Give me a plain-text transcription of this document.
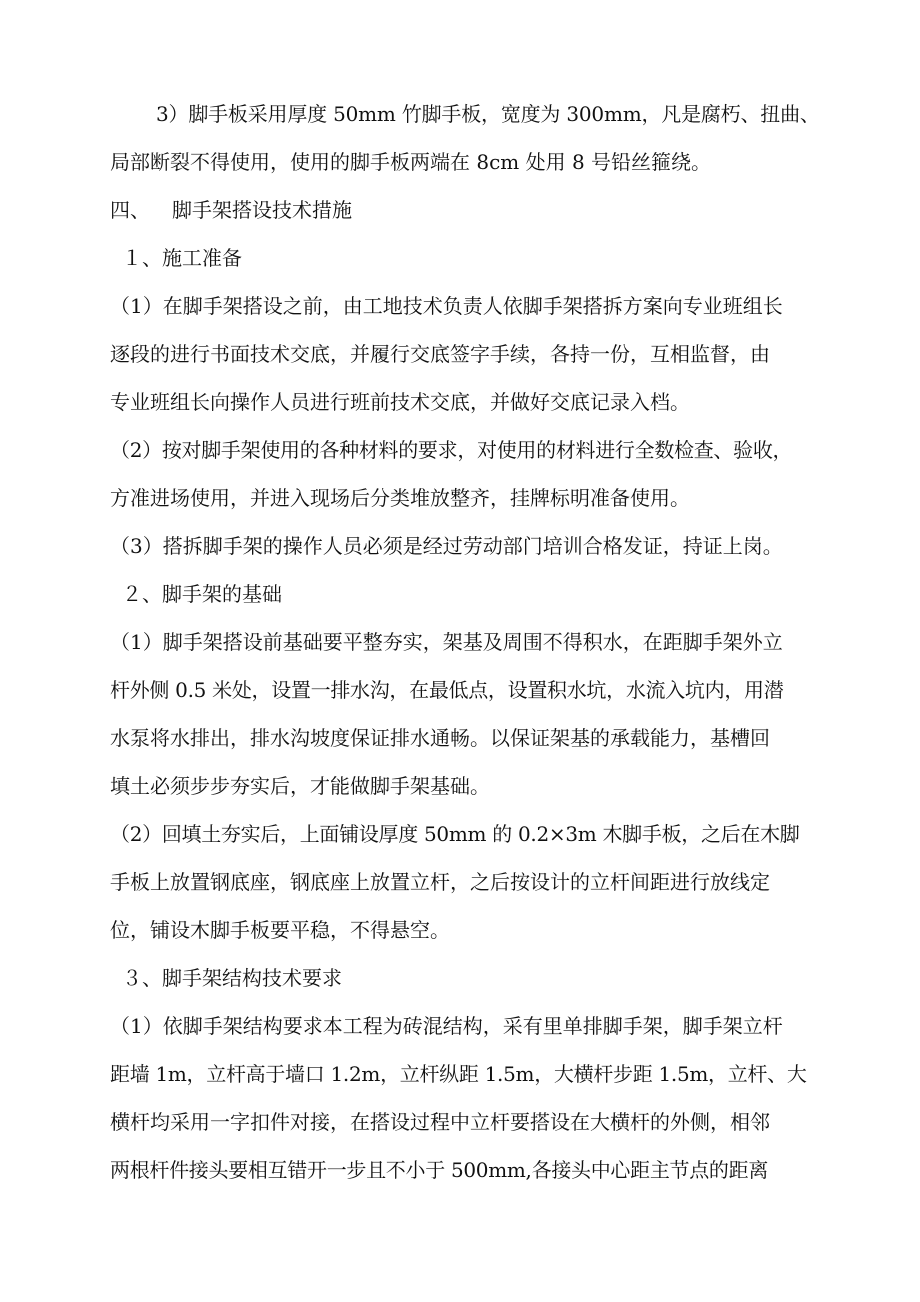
3）脚手板采用厚度 50mm 竹脚手板，宽度为 300mm，凡是腐朽、扭曲、
局部断裂不得使用，使用的脚手板两端在 8cm 处用 8 号铅丝箍绕。
四、 脚手架搭设技术措施
１、施工准备
（1）在脚手架搭设之前，由工地技术负责人依脚手架搭拆方案向专业班组长
逐段的进行书面技术交底，并履行交底签字手续，各持一份，互相监督，由
专业班组长向操作人员进行班前技术交底，并做好交底记录入档。
（2）按对脚手架使用的各种材料的要求，对使用的材料进行全数检查、验收，
方准进场使用，并进入现场后分类堆放整齐，挂牌标明准备使用。
（3）搭拆脚手架的操作人员必须是经过劳动部门培训合格发证，持证上岗。
２、脚手架的基础
（1）脚手架搭设前基础要平整夯实，架基及周围不得积水，在距脚手架外立
杆外侧 0.5 米处，设置一排水沟，在最低点，设置积水坑，水流入坑内，用潜
水泵将水排出，排水沟坡度保证排水通畅。以保证架基的承载能力，基槽回
填土必须步步夯实后，才能做脚手架基础。
（2）回填土夯实后，上面铺设厚度 50mm 的 0.2×3m 木脚手板，之后在木脚
手板上放置钢底座，钢底座上放置立杆，之后按设计的立杆间距进行放线定
位，铺设木脚手板要平稳，不得悬空。
３、脚手架结构技术要求
（1）依脚手架结构要求本工程为砖混结构，采有里单排脚手架，脚手架立杆
距墙 1m，立杆高于墙口 1.2m，立杆纵距 1.5m，大横杆步距 1.5m，立杆、大
横杆均采用一字扣件对接，在搭设过程中立杆要搭设在大横杆的外侧，相邻
两根杆件接头要相互错开一步且不小于 500mm,各接头中心距主节点的距离
